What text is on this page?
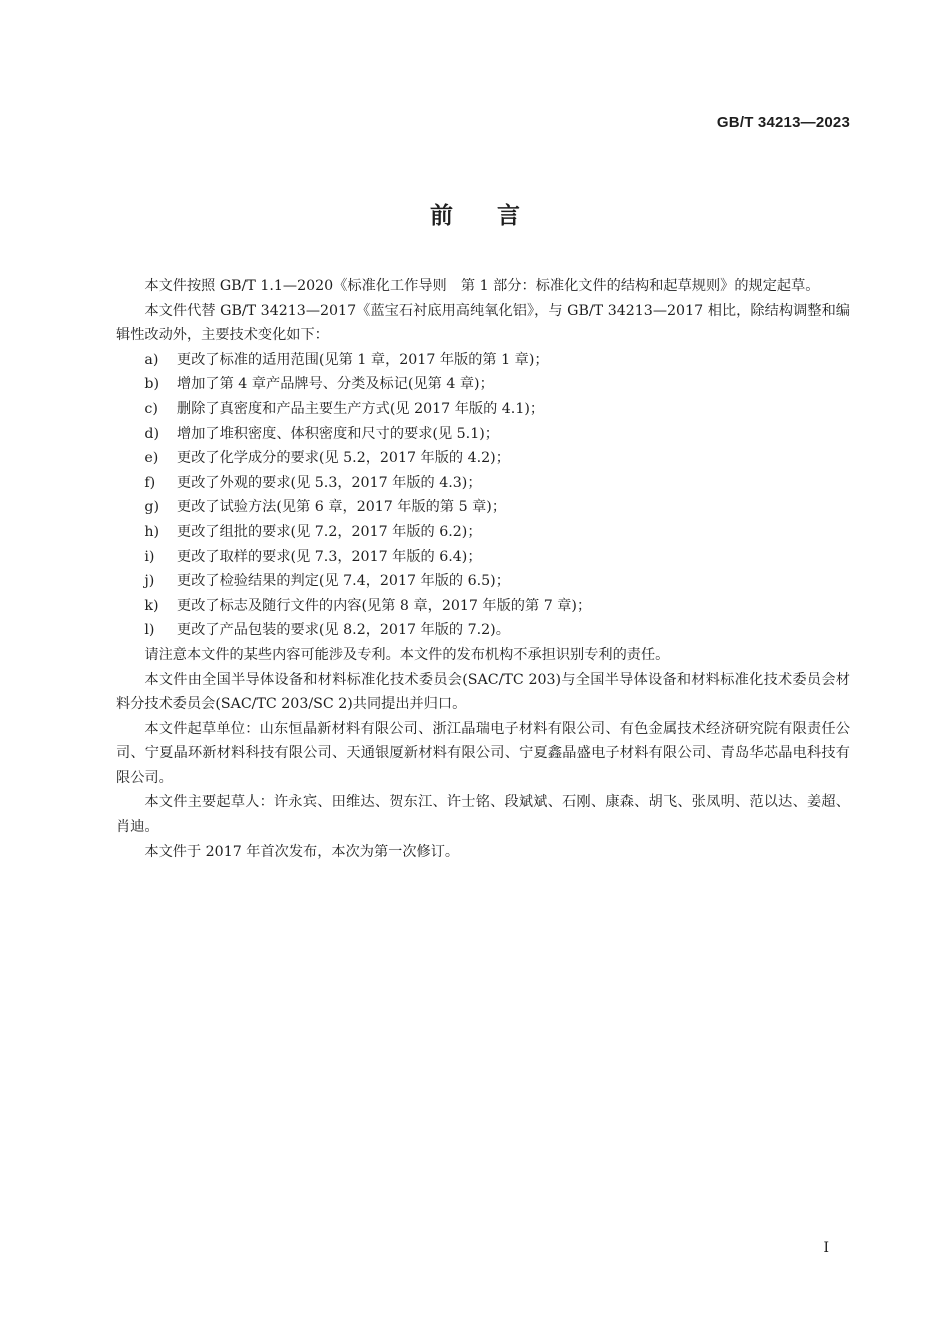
GB/T 34213—2023
前 言

本文件按照 GB/T 1.1—2020《标准化工作导则　第 1 部分：标准化文件的结构和起草规则》的规定起草。

本文件代替 GB/T 34213—2017《蓝宝石衬底用高纯氧化铝》，与 GB/T 34213—2017 相比，除结构调整和编辑性改动外，主要技术变化如下：

a)	更改了标准的适用范围(见第 1 章，2017 年版的第 1 章)；
b)	增加了第 4 章产品牌号、分类及标记(见第 4 章)；
c)	删除了真密度和产品主要生产方式(见 2017 年版的 4.1)；
d)	增加了堆积密度、体积密度和尺寸的要求(见 5.1)；
e)	更改了化学成分的要求(见 5.2，2017 年版的 4.2)；
f)	更改了外观的要求(见 5.3，2017 年版的 4.3)；
g)	更改了试验方法(见第 6 章，2017 年版的第 5 章)；
h)	更改了组批的要求(见 7.2，2017 年版的 6.2)；
i)	更改了取样的要求(见 7.3，2017 年版的 6.4)；
j)	更改了检验结果的判定(见 7.4，2017 年版的 6.5)；
k)	更改了标志及随行文件的内容(见第 8 章，2017 年版的第 7 章)；
l)	更改了产品包装的要求(见 8.2，2017 年版的 7.2)。

请注意本文件的某些内容可能涉及专利。本文件的发布机构不承担识别专利的责任。

本文件由全国半导体设备和材料标准化技术委员会(SAC/TC 203)与全国半导体设备和材料标准化技术委员会材料分技术委员会(SAC/TC 203/SC 2)共同提出并归口。

本文件起草单位：山东恒晶新材料有限公司、浙江晶瑞电子材料有限公司、有色金属技术经济研究院有限责任公司、宁夏晶环新材料科技有限公司、天通银厦新材料有限公司、宁夏鑫晶盛电子材料有限公司、青岛华芯晶电科技有限公司。

本文件主要起草人：许永宾、田维达、贺东江、许士铭、段斌斌、石刚、康森、胡飞、张凤明、范以达、姜超、肖迪。

本文件于 2017 年首次发布，本次为第一次修订。

I
